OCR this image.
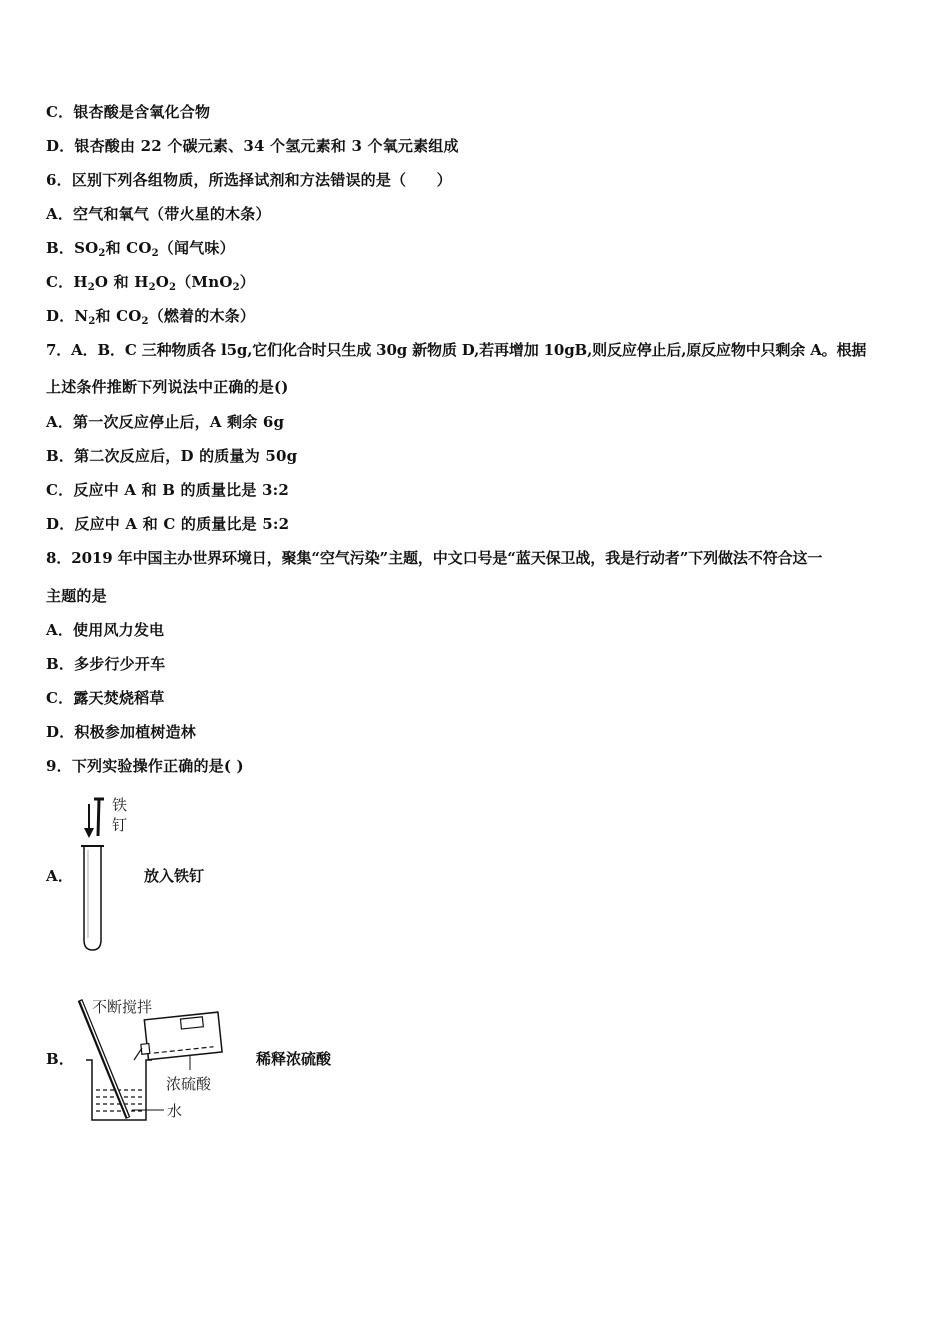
C．银杏酸是含氧化合物
D．银杏酸由 22 个碳元素、34 个氢元素和 3 个氧元素组成
6．区别下列各组物质，所选择试剂和方法错误的是（　　）
A．空气和氧气（带火星的木条）
B．$SO_2$和 $CO_2$（闻气味）
C．$H_2O$ 和 $H_2O_2(MnO_2)$
D．$N_2$和 $CO_2$（燃着的木条）
7．A．B．C 三种物质各 l5g,它们化合时只生成 30g 新物质 D,若再增加 10gB,则反应停止后,原反应物中只剩余 A。根据
上述条件推断下列说法中正确的是()
A．第一次反应停止后，A 剩余 6g
B．第二次反应后，D 的质量为 50g
C．反应中 A 和 B 的质量比是 3:2
D．反应中 A 和 C 的质量比是 5:2
8．2019 年中国主办世界环境日，聚集“空气污染”主题，中文口号是“蓝天保卫战，我是行动者”下列做法不符合这一
主题的是
A．使用风力发电
B．多步行少开车
C．露天焚烧稻草
D．积极参加植树造林
9．下列实验操作正确的是( )
A．
铁
钉
放入铁钉
B．
不断搅拌
浓硫酸
水
稀释浓硫酸
